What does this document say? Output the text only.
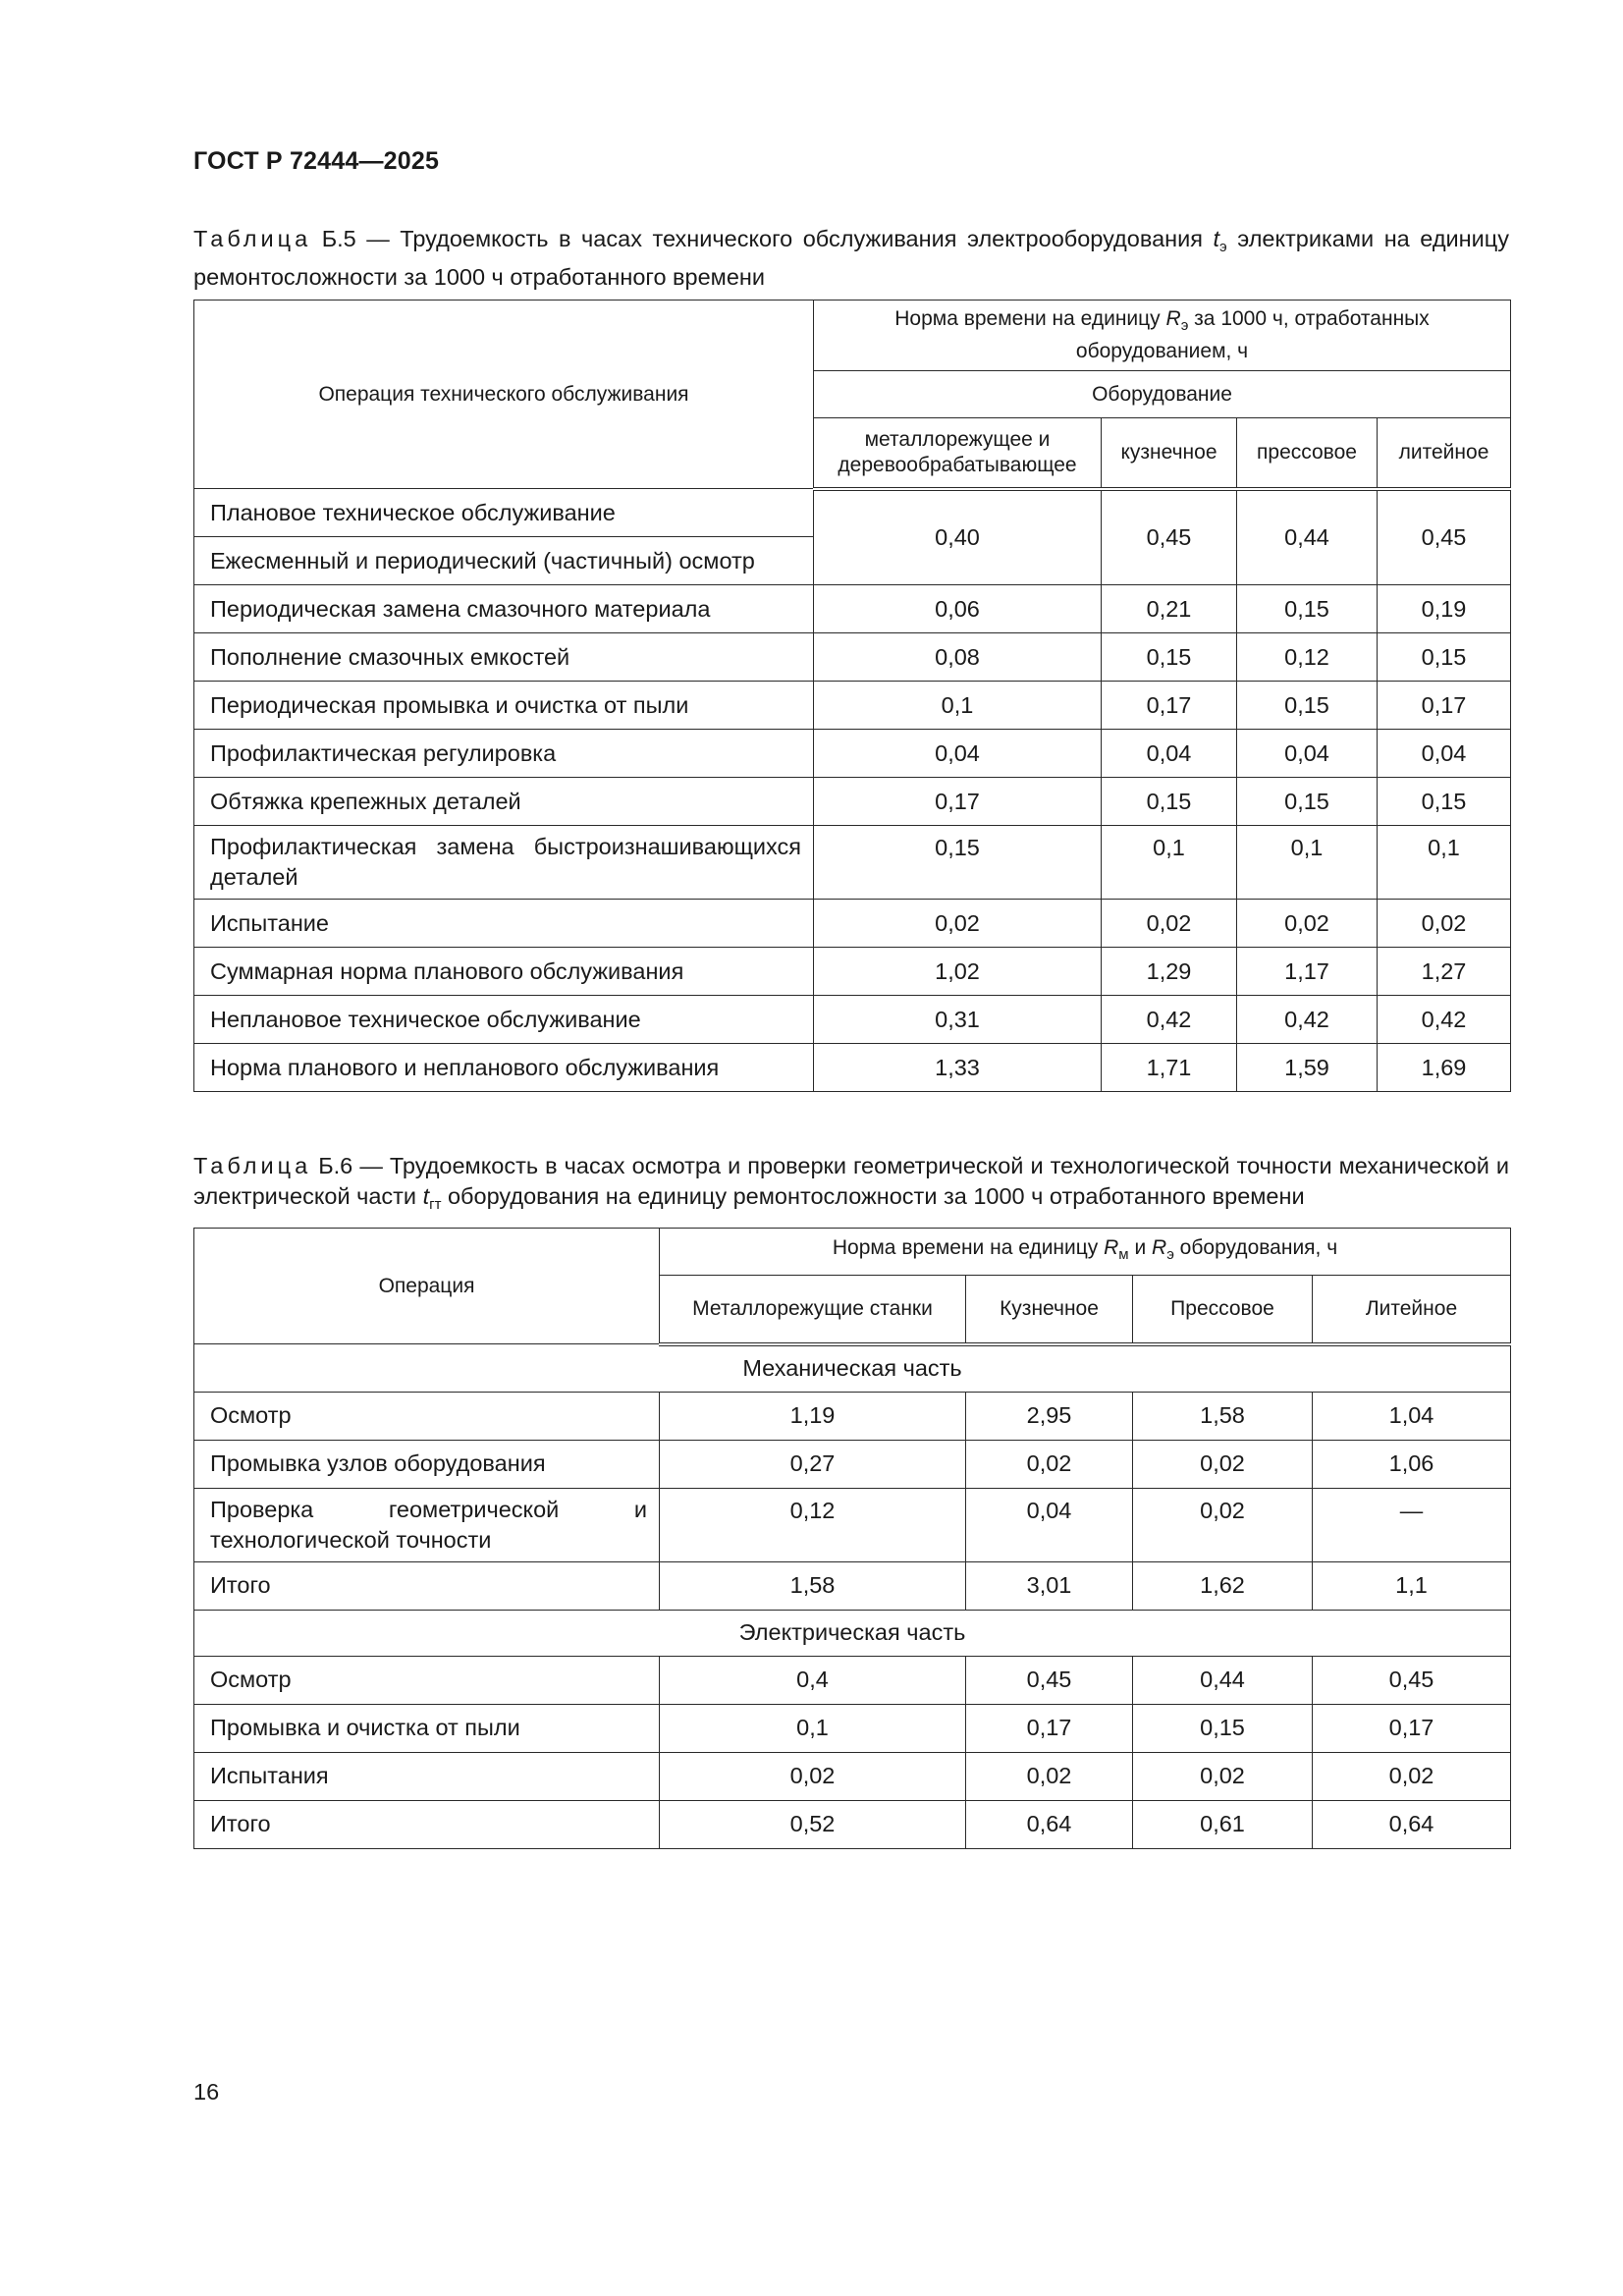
ГОСТ Р 72444—2025
Таблица Б.5 — Трудоемкость в часах технического обслуживания электрооборудования $t_э$ электриками на единицу ремонтосложности за 1000 ч отработанного времени
Операция технического обслуживания	Норма времени на единицу $R_э$ за 1000 ч, отработанных оборудованием, ч			
	Оборудование			
	металлорежущее и деревообрабатывающее	кузнечное	прессовое	литейное
Плановое техническое обслуживание	0,40	0,45	0,44	0,45
Ежесменный и периодический (частичный) осмотр				
Периодическая замена смазочного материала	0,06	0,21	0,15	0,19
Пополнение смазочных емкостей	0,08	0,15	0,12	0,15
Периодическая промывка и очистка от пыли	0,1	0,17	0,15	0,17
Профилактическая регулировка	0,04	0,04	0,04	0,04
Обтяжка крепежных деталей	0,17	0,15	0,15	0,15
Профилактическая замена быстроизнашивающихся деталей	0,15	0,1	0,1	0,1
Испытание	0,02	0,02	0,02	0,02
Суммарная норма планового обслуживания	1,02	1,29	1,17	1,27
Неплановое техническое обслуживание	0,31	0,42	0,42	0,42
Норма планового и непланового обслуживания	1,33	1,71	1,59	1,69
Таблица Б.6 — Трудоемкость в часах осмотра и проверки геометрической и технологической точности механической и электрической части $t_{гт}$ оборудования на единицу ремонтосложности за 1000 ч отработанного времени
Операция	Норма времени на единицу $R_м$ и $R_э$ оборудования, ч			
	Металлорежущие станки	Кузнечное	Прессовое	Литейное
Механическая часть				
Осмотр	1,19	2,95	1,58	1,04
Промывка узлов оборудования	0,27	0,02	0,02	1,06
Проверка геометрической и технологической точности	0,12	0,04	0,02	—
Итого	1,58	3,01	1,62	1,1
Электрическая часть				
Осмотр	0,4	0,45	0,44	0,45
Промывка и очистка от пыли	0,1	0,17	0,15	0,17
Испытания	0,02	0,02	0,02	0,02
Итого	0,52	0,64	0,61	0,64
16
